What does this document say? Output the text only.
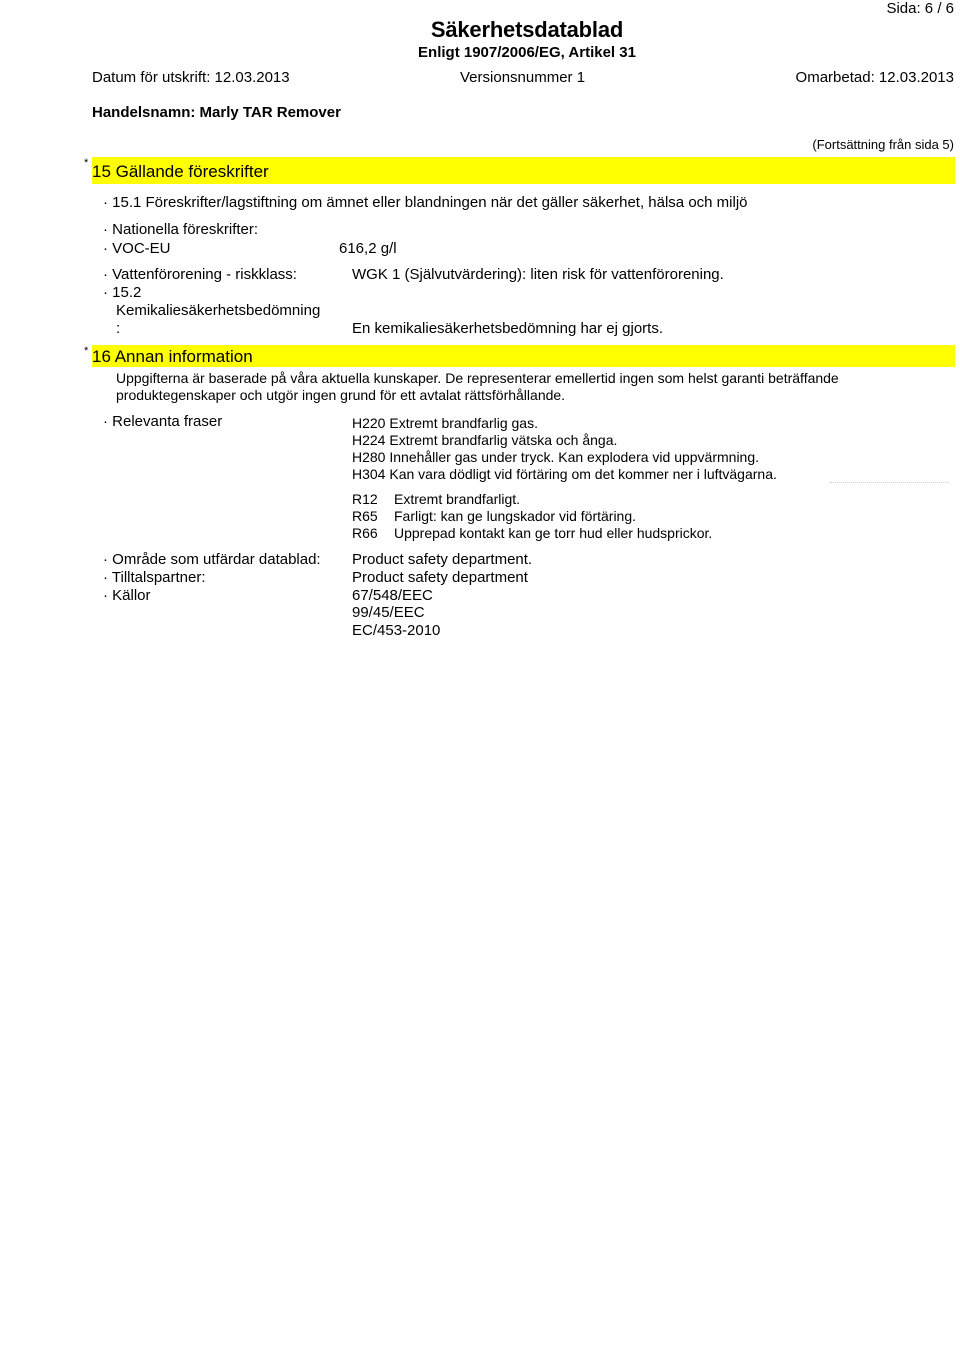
Sida: 6 / 6
Säkerhetsdatablad
Enligt 1907/2006/EG, Artikel 31
Datum för utskrift: 12.03.2013	Versionsnummer 1	Omarbetad: 12.03.2013
Handelsnamn: Marly TAR Remover
(Fortsättning från sida 5)
* 15 Gällande föreskrifter
· 15.1 Föreskrifter/lagstiftning om ämnet eller blandningen när det gäller säkerhet, hälsa och miljö
· Nationella föreskrifter:
· VOC-EU	616,2 g/l
· Vattenförorening - riskklass:	WGK 1 (Självutvärdering): liten risk för vattenförorening.
· 15.2
Kemikaliesäkerhetsbedömning
:	En kemikaliesäkerhetsbedömning har ej gjorts.
* 16 Annan information
Uppgifterna är baserade på våra aktuella kunskaper. De representerar emellertid ingen som helst garanti beträffande
produktegenskaper och utgör ingen grund för ett avtalat rättsförhållande.
· Relevanta fraser	H220 Extremt brandfarlig gas.
H224 Extremt brandfarlig vätska och ånga.
H280 Innehåller gas under tryck. Kan explodera vid uppvärmning.
H304 Kan vara dödligt vid förtäring om det kommer ner i luftvägarna.
R12 Extremt brandfarligt.
R65 Farligt: kan ge lungskador vid förtäring.
R66 Upprepad kontakt kan ge torr hud eller hudsprickor.
· Område som utfärdar datablad: Product safety department.
· Tilltalspartner:	Product safety department
· Källor	67/548/EEC
99/45/EEC
EC/453-2010
